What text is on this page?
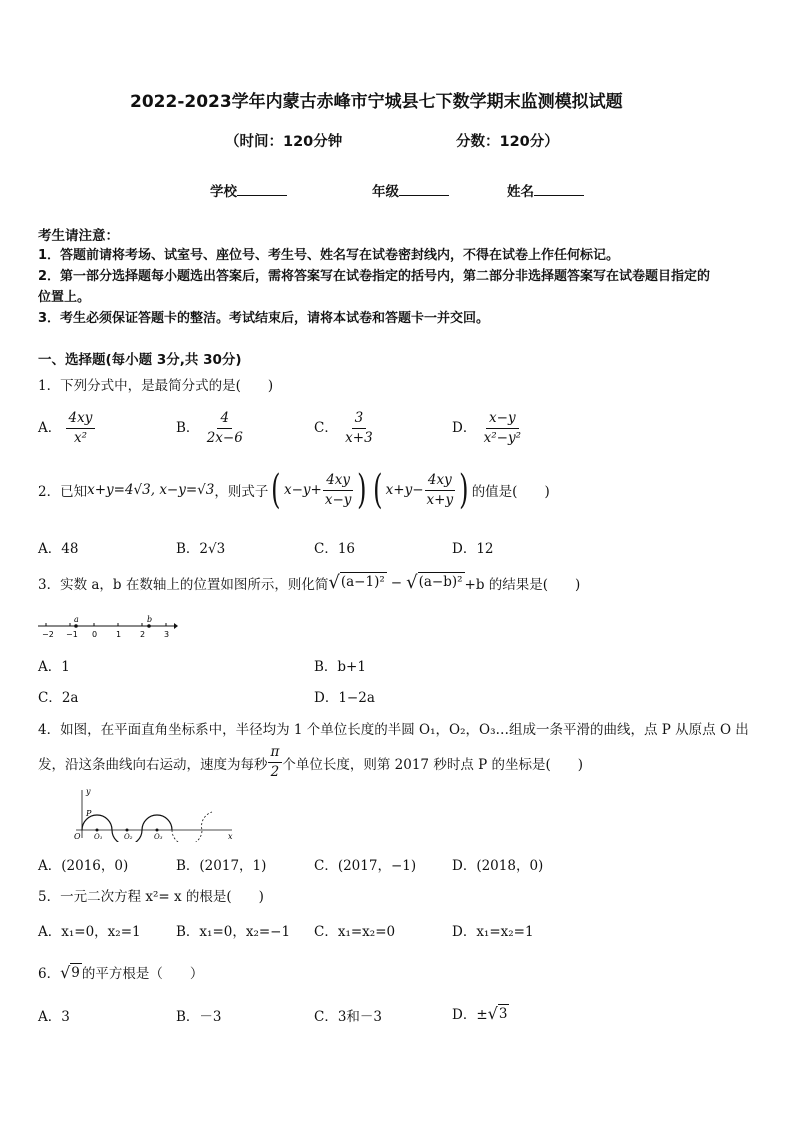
2022-2023学年内蒙古赤峰市宁城县七下数学期末监测模拟试题
（时间：120分钟	分数：120分）
学校	年级	姓名
考生请注意：
1．答题前请将考场、试室号、座位号、考生号、姓名写在试卷密封线内，不得在试卷上作任何标记。
2．第一部分选择题每小题选出答案后，需将答案写在试卷指定的括号内，第二部分非选择题答案写在试卷题目指定的
位置上。
3．考生必须保证答题卡的整洁。考试结束后，请将本试卷和答题卡一并交回。
一、选择题(每小题 3分,共 30分)
1．下列分式中，是最简分式的是(　　)
A． $\frac{4xy}{\text{x²}}$	B． $\frac{4}{2x-6}$	C． $\frac{3}{x+3}$	D． $\frac{x-y}{\text{x²−y²}}$
2．已知 x+y=4√3, x−y=√3 ，则式子 ( $x-y+ \frac{4xy}{x-y}$ ) ( $x+y- \frac{4xy}{x+y}$ ) 的值是(　　)
A．48	B．2√3	C．16	D．12
3．实数 a，b 在数轴上的位置如图所示，则化简 √ (a−1)² − √ (a−b)² +b 的结果是(　　)
a	b
−2 −1 0 1 2 3
A．1	B．b+1
C．2a	D．1−2a
4．如图，在平面直角坐标系中，半径均为 1 个单位长度的半圆 O₁，O₂，O₃…组成一条平滑的曲线，点 P 从原点 O 出
发，沿这条曲线向右运动，速度为每秒 $\frac{\pi}{2}$ 个单位长度，则第 2017 秒时点 P 的坐标是(　　)
y
x
O
P
O₁	O₂	O₃
A．(2016，0)	B．(2017，1)	C．(2017，−1)	D．(2018，0)
5．一元二次方程 x²= x 的根是(　　)
A．x₁=0，x₂=1	B．x₁=0，x₂=−1 C．x₁=x₂=0	D．x₁=x₂=1
6． √ 9 的平方根是（　　）
A．3	B．－3	C．3和－3	D．± √ 3
